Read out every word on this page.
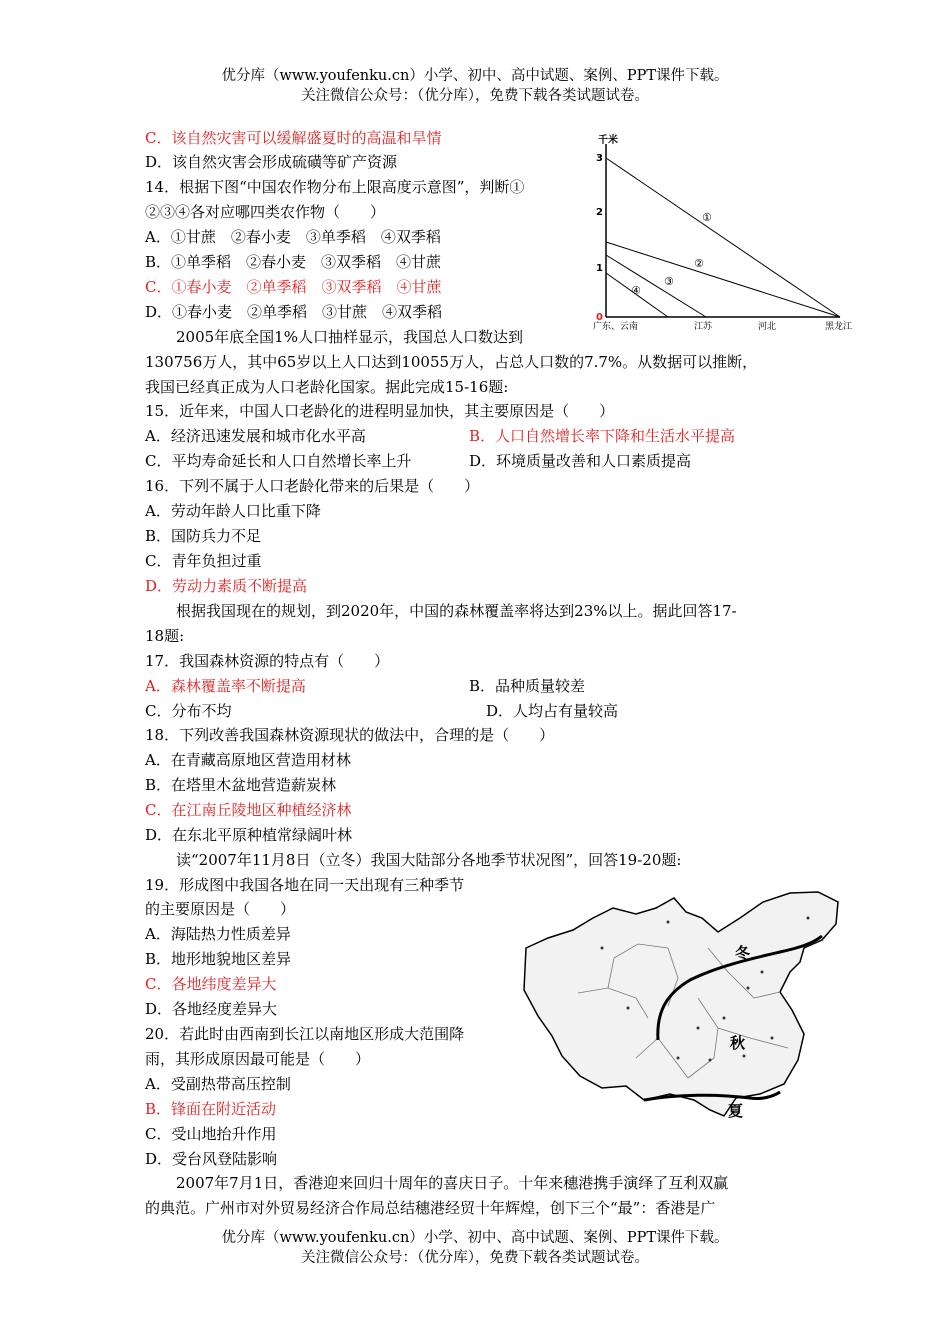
优分库（www.youfenku.cn）小学、初中、高中试题、案例、PPT课件下载。
关注微信公众号：（优分库），免费下载各类试题试卷。
C．该自然灾害可以缓解盛夏时的高温和旱情
D．该自然灾害会形成硫磺等矿产资源
14．根据下图“中国农作物分布上限高度示意图”，判断①
②③④各对应哪四类农作物（　　）
A．①甘蔗　②春小麦　③单季稻　④双季稻
B．①单季稻　②春小麦　③双季稻　④甘蔗
C．①春小麦　②单季稻　③双季稻　④甘蔗
D．①春小麦　②单季稻　③甘蔗　④双季稻
千米
3
2
1
0
①
②
③
④
广东、云南	江苏	河北	黑龙江
2005年底全国1%人口抽样显示，我国总人口数达到
130756万人，其中65岁以上人口达到10055万人，占总人口数的7.7%。从数据可以推断，
我国已经真正成为人口老龄化国家。据此完成15-16题:
15．近年来，中国人口老龄化的进程明显加快，其主要原因是（　　）
A．经济迅速发展和城市化水平高	B．人口自然增长率下降和生活水平提高
C．平均寿命延长和人口自然增长率上升	D．环境质量改善和人口素质提高
16．下列不属于人口老龄化带来的后果是（　　）
A．劳动年龄人口比重下降
B．国防兵力不足
C．青年负担过重
D．劳动力素质不断提高
根据我国现在的规划，到2020年，中国的森林覆盖率将达到23%以上。据此回答17-
18题:
17．我国森林资源的特点有（　　）
A．森林覆盖率不断提高	B．品种质量较差
C．分布不均	D．人均占有量较高
18．下列改善我国森林资源现状的做法中，合理的是（　　）
A．在青藏高原地区营造用材林
B．在塔里木盆地营造薪炭林
C．在江南丘陵地区种植经济林
D．在东北平原种植常绿阔叶林
读“2007年11月8日（立冬）我国大陆部分各地季节状况图”，回答19-20题:
19．形成图中我国各地在同一天出现有三种季节
的主要原因是（　　）
A．海陆热力性质差异
B．地形地貌地区差异
C．各地纬度差异大
D．各地经度差异大
20．若此时由西南到长江以南地区形成大范围降
雨，其形成原因最可能是（　　）
A．受副热带高压控制
B．锋面在附近活动
C．受山地抬升作用
D．受台风登陆影响
冬
秋
夏
2007年7月1日，香港迎来回归十周年的喜庆日子。十年来穗港携手演绎了互利双赢
的典范。广州市对外贸易经济合作局总结穗港经贸十年辉煌，创下三个“最”：香港是广
优分库（www.youfenku.cn）小学、初中、高中试题、案例、PPT课件下载。
关注微信公众号：（优分库），免费下载各类试题试卷。
